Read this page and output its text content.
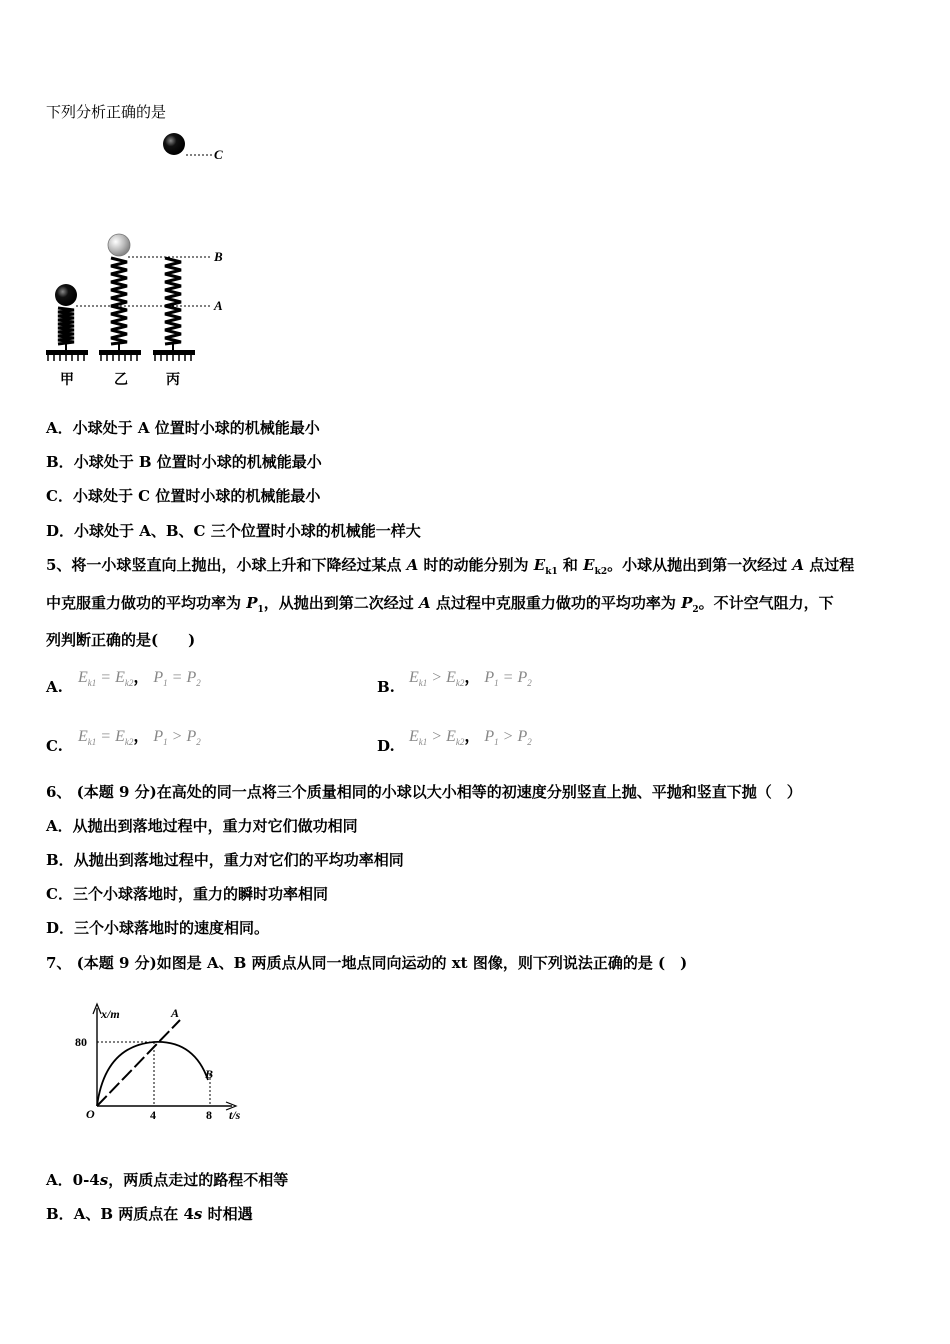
下列分析正确的是
C
B
A
甲	乙	丙
A．小球处于 A 位置时小球的机械能最小
B．小球处于 B 位置时小球的机械能最小
C．小球处于 C 位置时小球的机械能最小
D．小球处于 A、B、C 三个位置时小球的机械能一样大
5、将一小球竖直向上抛出，小球上升和下降经过某点 A 时的动能分别为 $E_{k1}$ 和 $E_{k2}$。小球从抛出到第一次经过 A 点过程
中克服重力做功的平均功率为 $P_1$，从抛出到第二次经过 A 点过程中克服重力做功的平均功率为 $P_2$。不计空气阻力，下
列判断正确的是(　　)
A.
$E_{k1} = E_{k2}$， $P_1 = P_2$	B.
$E_{k1} > E_{k2}$， $P_1 = P_2$
C.
$E_{k1} = E_{k2}$， $P_1 > P_2$	D.
$E_{k1} > E_{k2}$， $P_1 > P_2$
6、 (本题 9 分)在高处的同一点将三个质量相同的小球以大小相等的初速度分别竖直上抛、平抛和竖直下抛（　）
A．从抛出到落地过程中，重力对它们做功相同
B．从抛出到落地过程中，重力对它们的平均功率相同
C．三个小球落地时，重力的瞬时功率相同
D．三个小球落地时的速度相同。
7、 (本题 9 分)如图是 A、B 两质点从同一地点同向运动的 xt 图像，则下列说法正确的是 (　)
x/m
t/s
O
80
4	8
A
B
A．0-4s，两质点走过的路程不相等
B．A、B 两质点在 4s 时相遇
